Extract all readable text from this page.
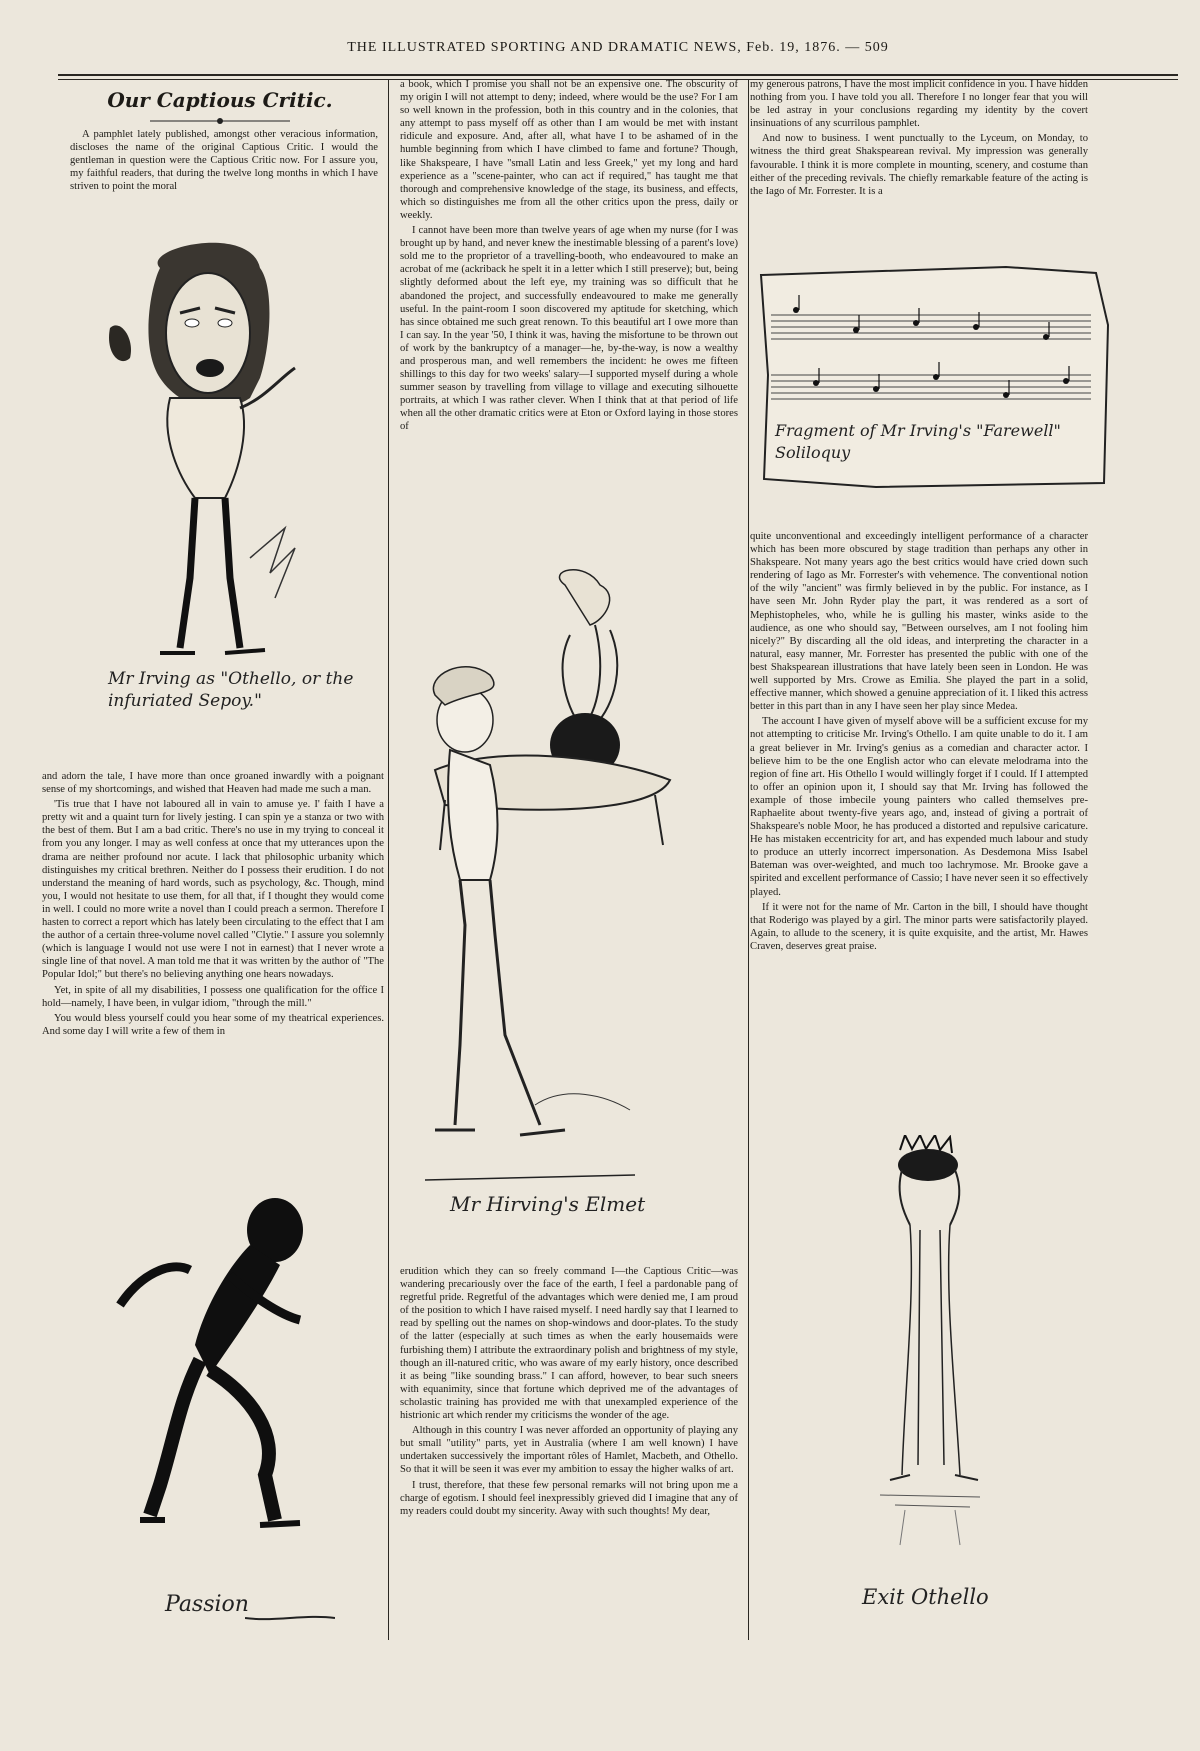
THE ILLUSTRATED SPORTING AND DRAMATIC NEWS, Feb. 19, 1876. — 509
Our Captious Critic.

A pamphlet lately published, amongst other veracious information, discloses the name of the original Captious Critic. I would the gentleman in question were the Captious Critic now. For I assure you, my faithful readers, that during the twelve long months in which I have striven to point the moral

Mr Irving as "Othello, or the infuriated Sepoy."

and adorn the tale, I have more than once groaned inwardly with a poignant sense of my shortcomings, and wished that Heaven had made me such a man.

'Tis true that I have not laboured all in vain to amuse ye. I' faith I have a pretty wit and a quaint turn for lively jesting. I can spin ye a stanza or two with the best of them. But I am a bad critic. There's no use in my trying to conceal it from you any longer. I may as well confess at once that my utterances upon the drama are neither profound nor acute. I lack that philosophic urbanity which distinguishes my critical brethren. Neither do I possess their erudition. I do not understand the meaning of hard words, such as psychology, &c. Though, mind you, I would not hesitate to use them, for all that, if I thought they would come in well. I could no more write a novel than I could preach a sermon. Therefore I hasten to correct a report which has lately been circulating to the effect that I am the author of a certain three-volume novel called "Clytie." I assure you solemnly (which is language I would not use were I not in earnest) that I never wrote a single line of that novel. A man told me that it was written by the author of "The Popular Idol;" but there's no believing anything one hears nowadays.

Yet, in spite of all my disabilities, I possess one qualification for the office I hold—namely, I have been, in vulgar idiom, "through the mill."

You would bless yourself could you hear some of my theatrical experiences. And some day I will write a few of them in

Passion

a book, which I promise you shall not be an expensive one. The obscurity of my origin I will not attempt to deny; indeed, where would be the use? For I am so well known in the profession, both in this country and in the colonies, that any attempt to pass myself off as other than I am would be met with instant ridicule and exposure. And, after all, what have I to be ashamed of in the humble beginning from which I have climbed to fame and fortune? Though, like Shakspeare, I have "small Latin and less Greek," yet my long and hard experience as a "scene-painter, who can act if required," has taught me that thorough and comprehensive knowledge of the stage, its business, and effects, which so distinguishes me from all the other critics upon the press, daily or weekly.

I cannot have been more than twelve years of age when my nurse (for I was brought up by hand, and never knew the inestimable blessing of a parent's love) sold me to the proprietor of a travelling-booth, who endeavoured to make an acrobat of me (ackriback he spelt it in a letter which I still preserve); but, being slightly deformed about the left eye, my training was so difficult that he abandoned the project, and successfully endeavoured to make me generally useful. In the paint-room I soon discovered my aptitude for sketching, which has since obtained me such great renown. To this beautiful art I owe more than I can say. In the year '50, I think it was, having the misfortune to be thrown out of work by the bankruptcy of a manager—he, by-the-way, is now a wealthy and prosperous man, and well remembers the incident: he owes me fifteen shillings to this day for two weeks' salary—I supported myself during a whole summer season by travelling from village to village and executing silhouette portraits, at which I was rather clever. When I think that at that period of life when all the other dramatic critics were at Eton or Oxford laying in those stores of

Mr Hirving's Elmet

erudition which they can so freely command I—the Captious Critic—was wandering precariously over the face of the earth, I feel a pardonable pang of regretful pride. Regretful of the advantages which were denied me, I am proud of the position to which I have raised myself. I need hardly say that I learned to read by spelling out the names on shop-windows and door-plates. To the study of the latter (especially at such times as when the early housemaids were furbishing them) I attribute the extraordinary polish and brightness of my style, though an ill-natured critic, who was aware of my early history, once described it as being "like sounding brass." I can afford, however, to bear such sneers with equanimity, since that fortune which deprived me of the advantages of scholastic training has provided me with that unexampled experience of the histrionic art which render my criticisms the wonder of the age.

Although in this country I was never afforded an opportunity of playing any but small "utility" parts, yet in Australia (where I am well known) I have undertaken successively the important rôles of Hamlet, Macbeth, and Othello. So that it will be seen it was ever my ambition to essay the higher walks of art.

I trust, therefore, that these few personal remarks will not bring upon me a charge of egotism. I should feel inexpressibly grieved did I imagine that any of my readers could doubt my sincerity. Away with such thoughts! My dear,

my generous patrons, I have the most implicit confidence in you. I have hidden nothing from you. I have told you all. Therefore I no longer fear that you will be led astray in your conclusions regarding my identity by the covert insinuations of any scurrilous pamphlet.

And now to business. I went punctually to the Lyceum, on Monday, to witness the third great Shakspearean revival. My impression was generally favourable. I think it is more complete in mounting, scenery, and costume than either of the preceding revivals. The chiefly remarkable feature of the acting is the Iago of Mr. Forrester. It is a

Fragment of Mr Irving's "Farewell" Soliloquy

quite unconventional and exceedingly intelligent performance of a character which has been more obscured by stage tradition than perhaps any other in Shakspeare. Not many years ago the best critics would have cried down such rendering of Iago as Mr. Forrester's with vehemence. The conventional notion of the wily "ancient" was firmly believed in by the public. For instance, as I have seen Mr. John Ryder play the part, it was rendered as a sort of Mephistopheles, who, while he is gulling his master, winks aside to the audience, as one who should say, "Between ourselves, am I not fooling him nicely?" By discarding all the old ideas, and interpreting the character in a natural, easy manner, Mr. Forrester has presented the public with one of the best Shakspearean illustrations that have lately been seen in London. He was well supported by Mrs. Crowe as Emilia. She played the part in a solid, effective manner, which showed a genuine appreciation of it. I liked this actress better in this part than in any I have seen her play since Medea.

The account I have given of myself above will be a sufficient excuse for my not attempting to criticise Mr. Irving's Othello. I am quite unable to do it. I am a great believer in Mr. Irving's genius as a comedian and character actor. I believe him to be the one English actor who can elevate melodrama into the region of fine art. His Othello I would willingly forget if I could. If I attempted to offer an opinion upon it, I should say that Mr. Irving has followed the example of those imbecile young painters who called themselves pre-Raphaelite about twenty-five years ago, and, instead of giving a portrait of Shakspeare's noble Moor, he has produced a distorted and repulsive caricature. He has mistaken eccentricity for art, and has expended much labour and study to produce an utterly incorrect impersonation. As Desdemona Miss Isabel Bateman was over-weighted, and much too lachrymose. Mr. Brooke gave a spirited and excellent performance of Cassio; I have never seen it so effectively played.

If it were not for the name of Mr. Carton in the bill, I should have thought that Roderigo was played by a girl. The minor parts were satisfactorily played. Again, to allude to the scenery, it is quite exquisite, and the artist, Mr. Hawes Craven, deserves great praise.

Exit Othello
